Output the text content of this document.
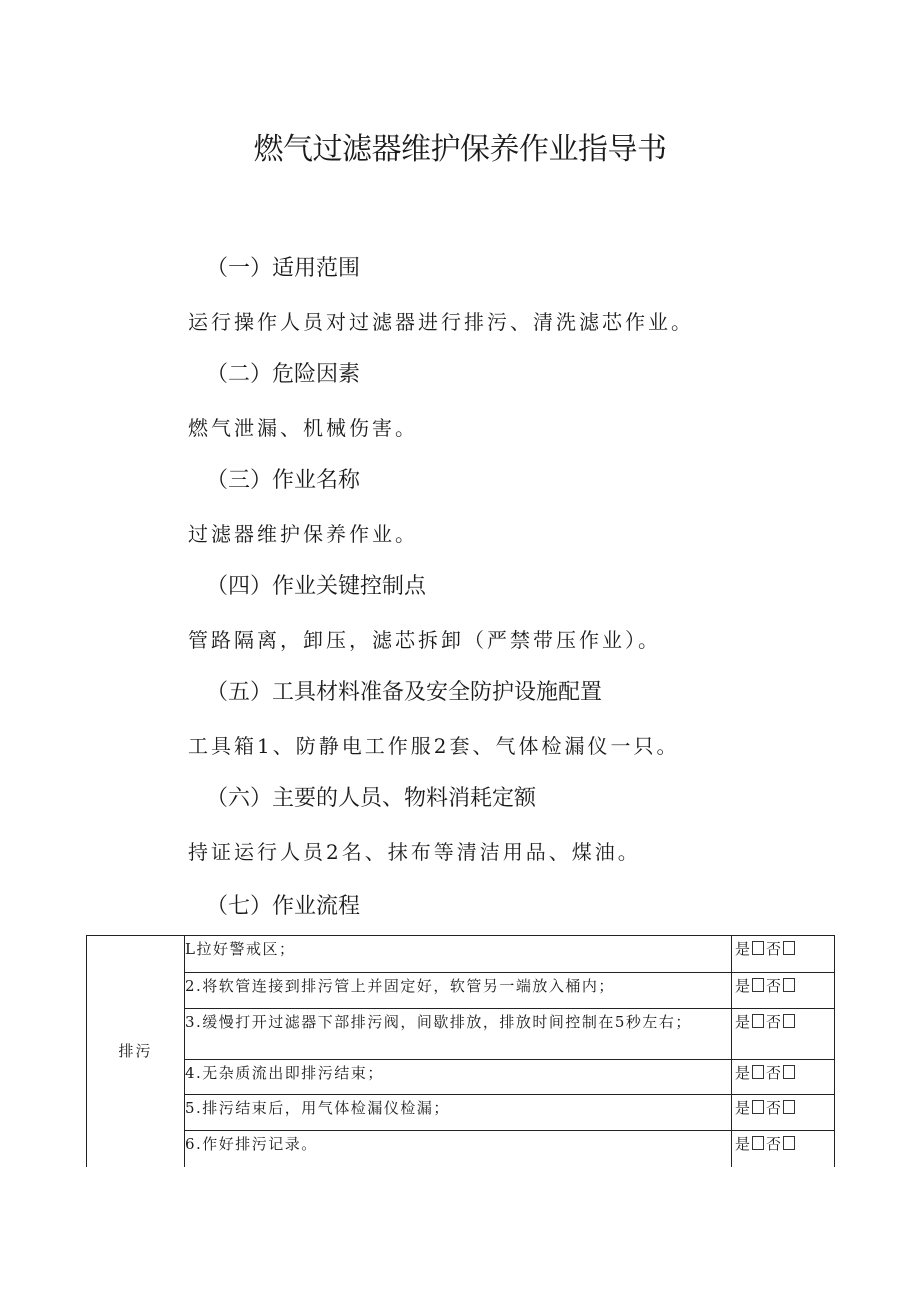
燃气过滤器维护保养作业指导书
（一）适用范围
运行操作人员对过滤器进行排污、清洗滤芯作业。
（二）危险因素
燃气泄漏、机械伤害。
（三）作业名称
过滤器维护保养作业。
（四）作业关键控制点
管路隔离，卸压，滤芯拆卸（严禁带压作业）。
（五）工具材料准备及安全防护设施配置
工具箱1、防静电工作服2套、气体检漏仪一只。
（六）主要的人员、物料消耗定额
持证运行人员2名、抹布等清洁用品、煤油。
（七）作业流程
排污	L拉好警戒区；	是 否
	2.将软管连接到排污管上并固定好，软管另一端放入桶内；	是 否
	3.缓慢打开过滤器下部排污阀，间歇排放，排放时间控制在5秒左右；	是 否
	4.无杂质流出即排污结束；	是 否
	5.排污结束后，用气体检漏仪检漏；	是 否
	6.作好排污记录。	是 否
